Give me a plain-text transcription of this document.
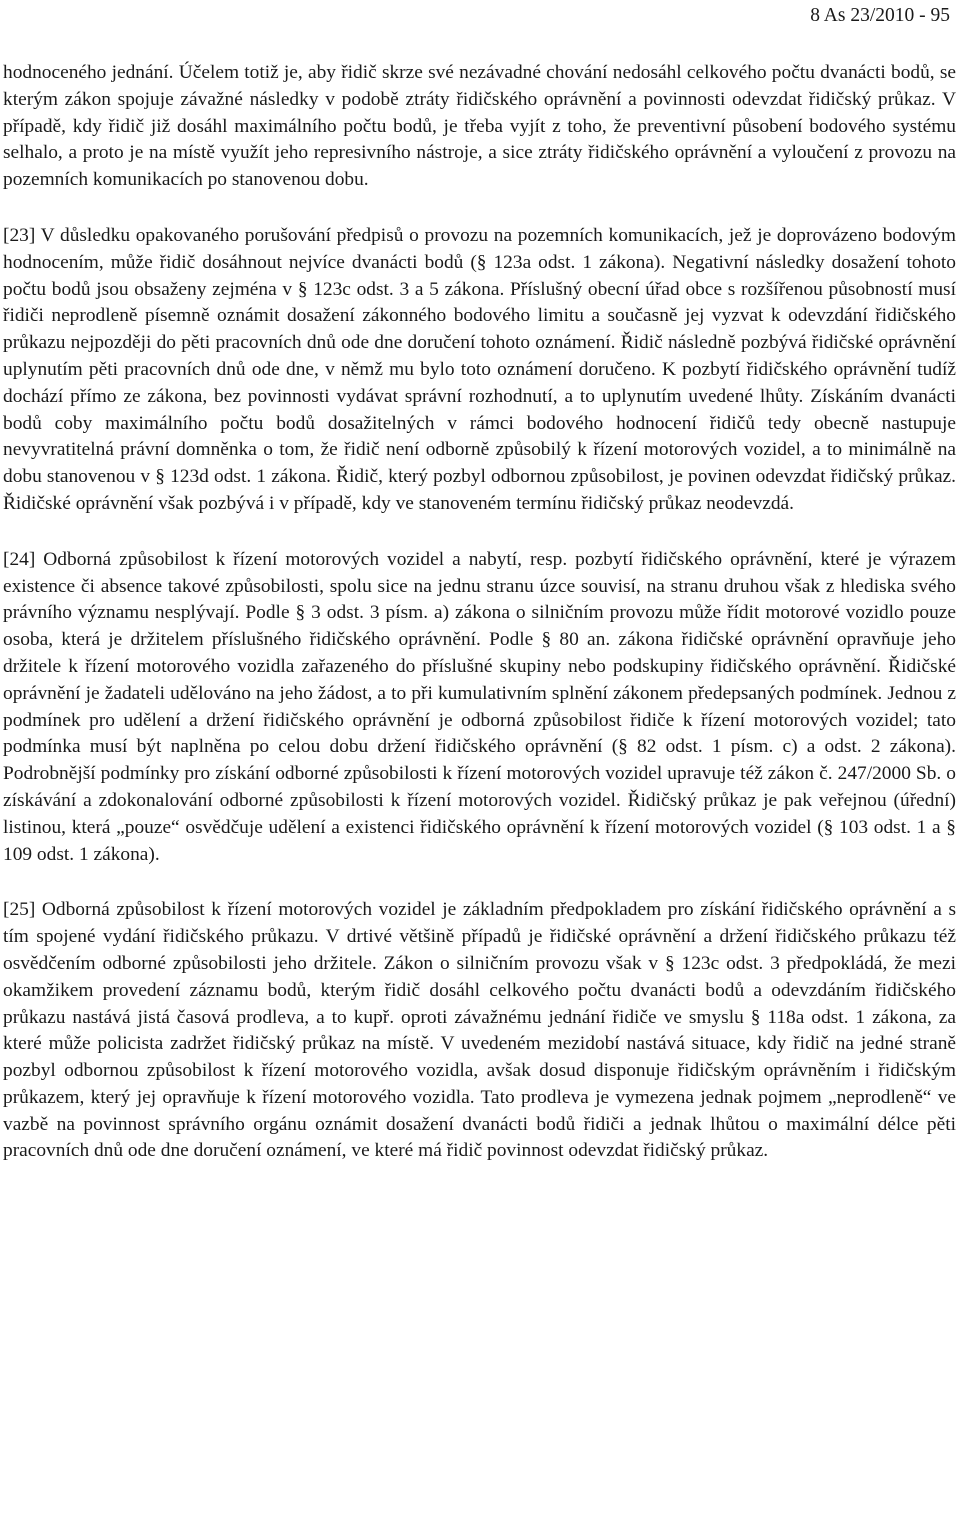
8 As 23/2010 - 95

hodnoceného jednání. Účelem totiž je, aby řidič skrze své nezávadné chování nedosáhl celkového počtu dvanácti bodů, se kterým zákon spojuje závažné následky v podobě ztráty řidičského oprávnění a povinnosti odevzdat řidičský průkaz. V případě, kdy řidič již dosáhl maximálního počtu bodů, je třeba vyjít z toho, že preventivní působení bodového systému selhalo, a proto je na místě využít jeho represivního nástroje, a sice ztráty řidičského oprávnění a vyloučení z provozu na pozemních komunikacích po stanovenou dobu.

[23] V důsledku opakovaného porušování předpisů o provozu na pozemních komunikacích, jež je doprovázeno bodovým hodnocením, může řidič dosáhnout nejvíce dvanácti bodů (§ 123a odst. 1 zákona). Negativní následky dosažení tohoto počtu bodů jsou obsaženy zejména v § 123c odst. 3 a 5 zákona. Příslušný obecní úřad obce s rozšířenou působností musí řidiči neprodleně písemně oznámit dosažení zákonného bodového limitu a současně jej vyzvat k odevzdání řidičského průkazu nejpozději do pěti pracovních dnů ode dne doručení tohoto oznámení. Řidič následně pozbývá řidičské oprávnění uplynutím pěti pracovních dnů ode dne, v němž mu bylo toto oznámení doručeno. K pozbytí řidičského oprávnění tudíž dochází přímo ze zákona, bez povinnosti vydávat správní rozhodnutí, a to uplynutím uvedené lhůty. Získáním dvanácti bodů coby maximálního počtu bodů dosažitelných v rámci bodového hodnocení řidičů tedy obecně nastupuje nevyvratitelná právní domněnka o tom, že řidič není odborně způsobilý k řízení motorových vozidel, a to minimálně na dobu stanovenou v § 123d odst. 1 zákona. Řidič, který pozbyl odbornou způsobilost, je povinen odevzdat řidičský průkaz. Řidičské oprávnění však pozbývá i v případě, kdy ve stanoveném termínu řidičský průkaz neodevzdá.

[24] Odborná způsobilost k řízení motorových vozidel a nabytí, resp. pozbytí řidičského oprávnění, které je výrazem existence či absence takové způsobilosti, spolu sice na jednu stranu úzce souvisí, na stranu druhou však z hlediska svého právního významu nesplývají. Podle § 3 odst. 3 písm. a) zákona o silničním provozu může řídit motorové vozidlo pouze osoba, která je držitelem příslušného řidičského oprávnění. Podle § 80 an. zákona řidičské oprávnění opravňuje jeho držitele k řízení motorového vozidla zařazeného do příslušné skupiny nebo podskupiny řidičského oprávnění. Řidičské oprávnění je žadateli udělováno na jeho žádost, a to při kumulativním splnění zákonem předepsaných podmínek. Jednou z podmínek pro udělení a držení řidičského oprávnění je odborná způsobilost řidiče k řízení motorových vozidel; tato podmínka musí být naplněna po celou dobu držení řidičského oprávnění (§ 82 odst. 1 písm. c) a odst. 2 zákona). Podrobnější podmínky pro získání odborné způsobilosti k řízení motorových vozidel upravuje též zákon č. 247/2000 Sb. o získávání a zdokonalování odborné způsobilosti k řízení motorových vozidel. Řidičský průkaz je pak veřejnou (úřední) listinou, která „pouze“ osvědčuje udělení a existenci řidičského oprávnění k řízení motorových vozidel (§ 103 odst. 1 a § 109 odst. 1 zákona).

[25] Odborná způsobilost k řízení motorových vozidel je základním předpokladem pro získání řidičského oprávnění a s tím spojené vydání řidičského průkazu. V drtivé většině případů je řidičské oprávnění a držení řidičského průkazu též osvědčením odborné způsobilosti jeho držitele. Zákon o silničním provozu však v § 123c odst. 3 předpokládá, že mezi okamžikem provedení záznamu bodů, kterým řidič dosáhl celkového počtu dvanácti bodů a odevzdáním řidičského průkazu nastává jistá časová prodleva, a to kupř. oproti závažnému jednání řidiče ve smyslu § 118a odst. 1 zákona, za které může policista zadržet řidičský průkaz na místě. V uvedeném mezidobí nastává situace, kdy řidič na jedné straně pozbyl odbornou způsobilost k řízení motorového vozidla, avšak dosud disponuje řidičským oprávněním i řidičským průkazem, který jej opravňuje k řízení motorového vozidla. Tato prodleva je vymezena jednak pojmem „neprodleně“ ve vazbě na povinnost správního orgánu oznámit dosažení dvanácti bodů řidiči a jednak lhůtou o maximální délce pěti pracovních dnů ode dne doručení oznámení, ve které má řidič povinnost odevzdat řidičský průkaz.
